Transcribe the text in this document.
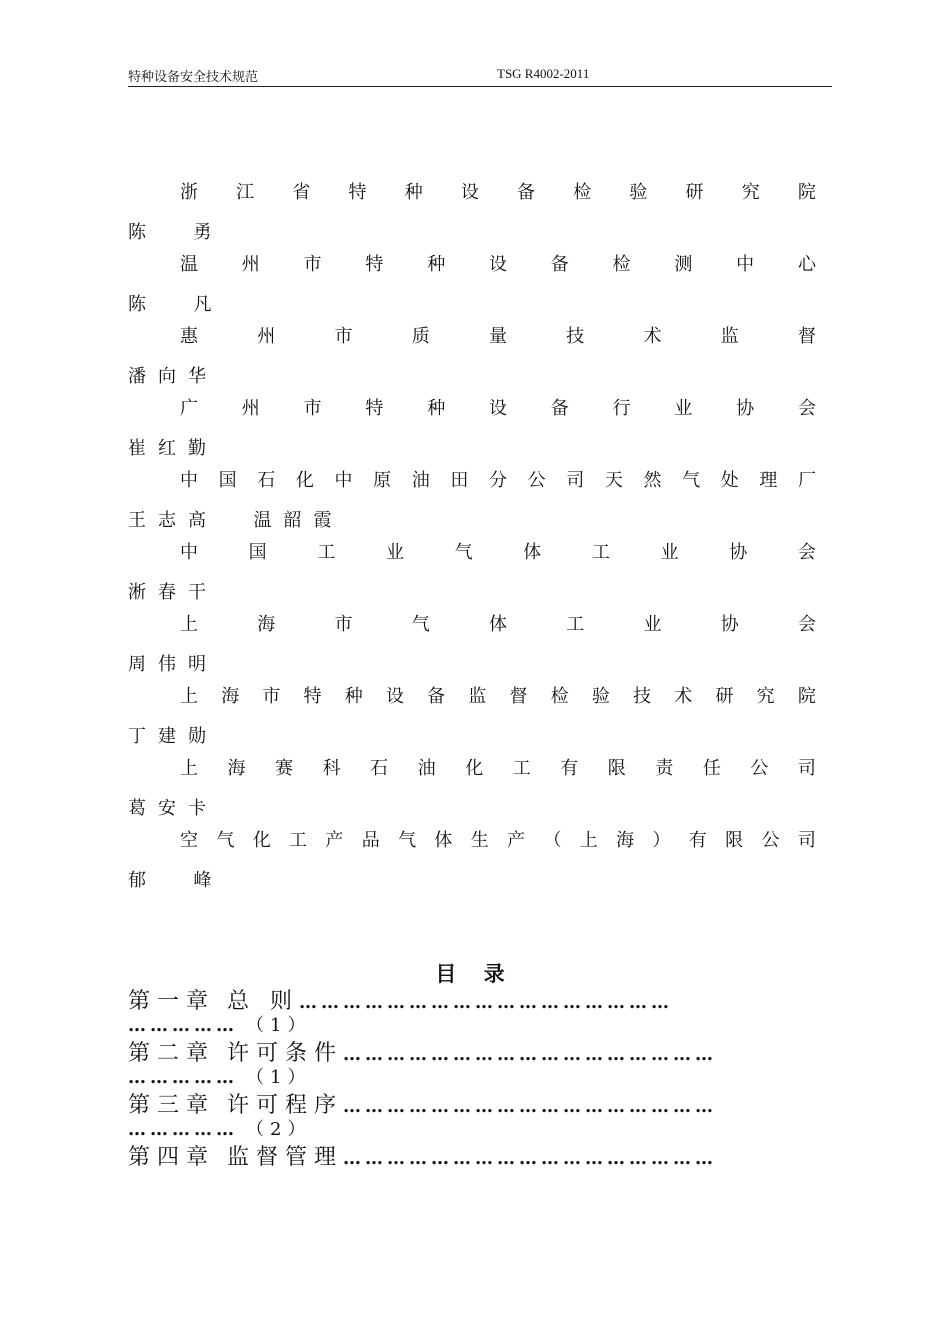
特种设备安全技术规范	TSG R4002-2011
浙 江 省 特 种 设 备 检 验 研 究 院
陈  勇
温 州 市 特 种 设 备 检 测 中 心
陈  凡
惠	州	市	质	量	技	术	监	督
潘向华
广 州 市 特 种 设 备 行 业 协 会
崔红勤
中 国 石 化 中 原 油 田 分 公 司 天 然 气 处 理 厂
王志高  温韶霞
中	国	工	业	气	体	工	业	协	会
淅春干
上	海	市	气	体	工	业	协	会
周伟明
上 海 市 特 种 设 备 监 督 检 验 技 术 研 究 院
丁建勋
上 海 赛 科 石 油 化 工 有 限 责 任 公 司
葛安卡
空 气 化 工 产 品 气 体 生 产 （ 上 海 ） 有 限 公 司
郁  峰
目 录
第一章 总 则……………………………………………
…………… （1）
第二章 许可条件……………………………………………
…………… （1）
第三章 许可程序……………………………………………
…………… （2）
第四章 监督管理……………………………………………
